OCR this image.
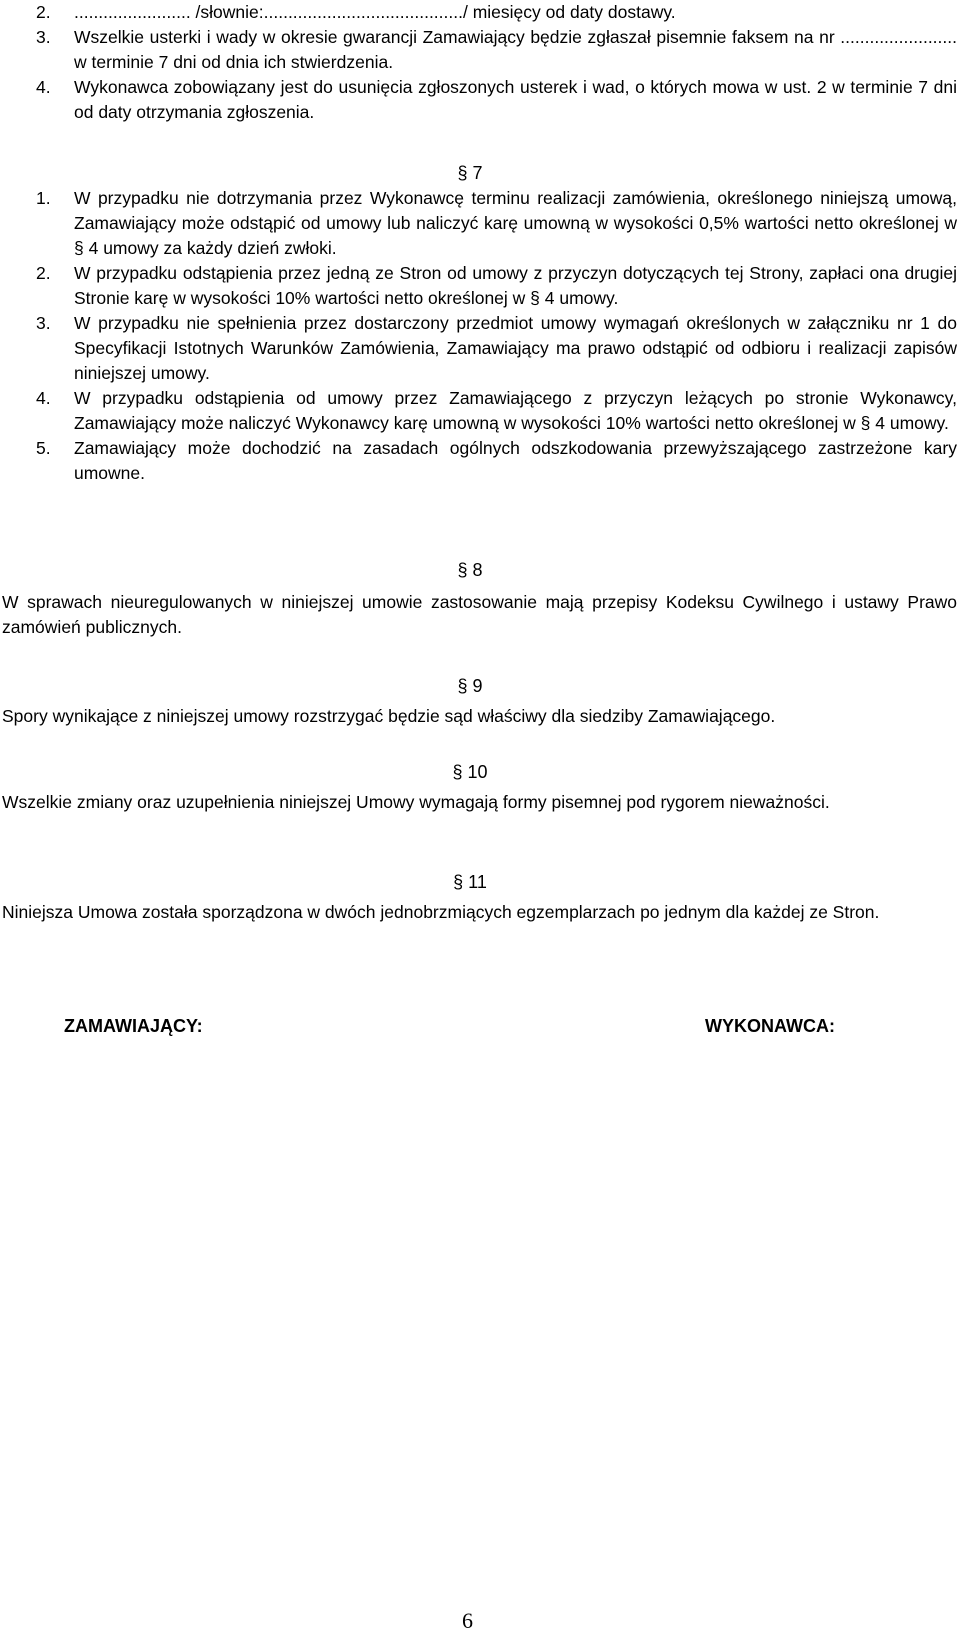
2. ........................ /słownie:........................................./ miesięcy od daty dostawy.
3. Wszelkie usterki i wady w okresie gwarancji Zamawiający będzie zgłaszał pisemnie faksem na nr ........................ w terminie 7 dni od dnia ich stwierdzenia.
4. Wykonawca zobowiązany jest do usunięcia zgłoszonych usterek i wad, o których mowa w ust. 2 w terminie 7 dni od daty otrzymania zgłoszenia.
§ 7
1. W przypadku nie dotrzymania przez Wykonawcę terminu realizacji zamówienia, określonego niniejszą umową, Zamawiający może odstąpić od umowy lub naliczyć karę umowną w wysokości 0,5% wartości netto określonej w § 4 umowy za każdy dzień zwłoki.
2. W przypadku odstąpienia przez jedną ze Stron od umowy z przyczyn dotyczących tej Strony, zapłaci ona drugiej Stronie karę w wysokości 10% wartości netto określonej w § 4 umowy.
3. W przypadku nie spełnienia przez dostarczony przedmiot umowy wymagań określonych w załączniku nr 1 do Specyfikacji Istotnych Warunków Zamówienia, Zamawiający ma prawo odstąpić od odbioru i realizacji zapisów niniejszej umowy.
4. W przypadku odstąpienia od umowy przez Zamawiającego z przyczyn leżących po stronie Wykonawcy, Zamawiający może naliczyć Wykonawcy karę umowną w wysokości 10% wartości netto określonej w § 4 umowy.
5. Zamawiający może dochodzić na zasadach ogólnych odszkodowania przewyższającego zastrzeżone kary umowne.
§ 8
W sprawach nieuregulowanych w niniejszej umowie zastosowanie mają przepisy Kodeksu Cywilnego i ustawy Prawo zamówień publicznych.
§ 9
Spory wynikające z niniejszej umowy rozstrzygać będzie sąd właściwy dla siedziby Zamawiającego.
§ 10
Wszelkie zmiany oraz uzupełnienia niniejszej Umowy wymagają formy pisemnej pod rygorem nieważności.
§ 11
Niniejsza Umowa została sporządzona w dwóch jednobrzmiących egzemplarzach po jednym dla każdej ze Stron.
ZAMAWIAJĄCY:	WYKONAWCA:
6
